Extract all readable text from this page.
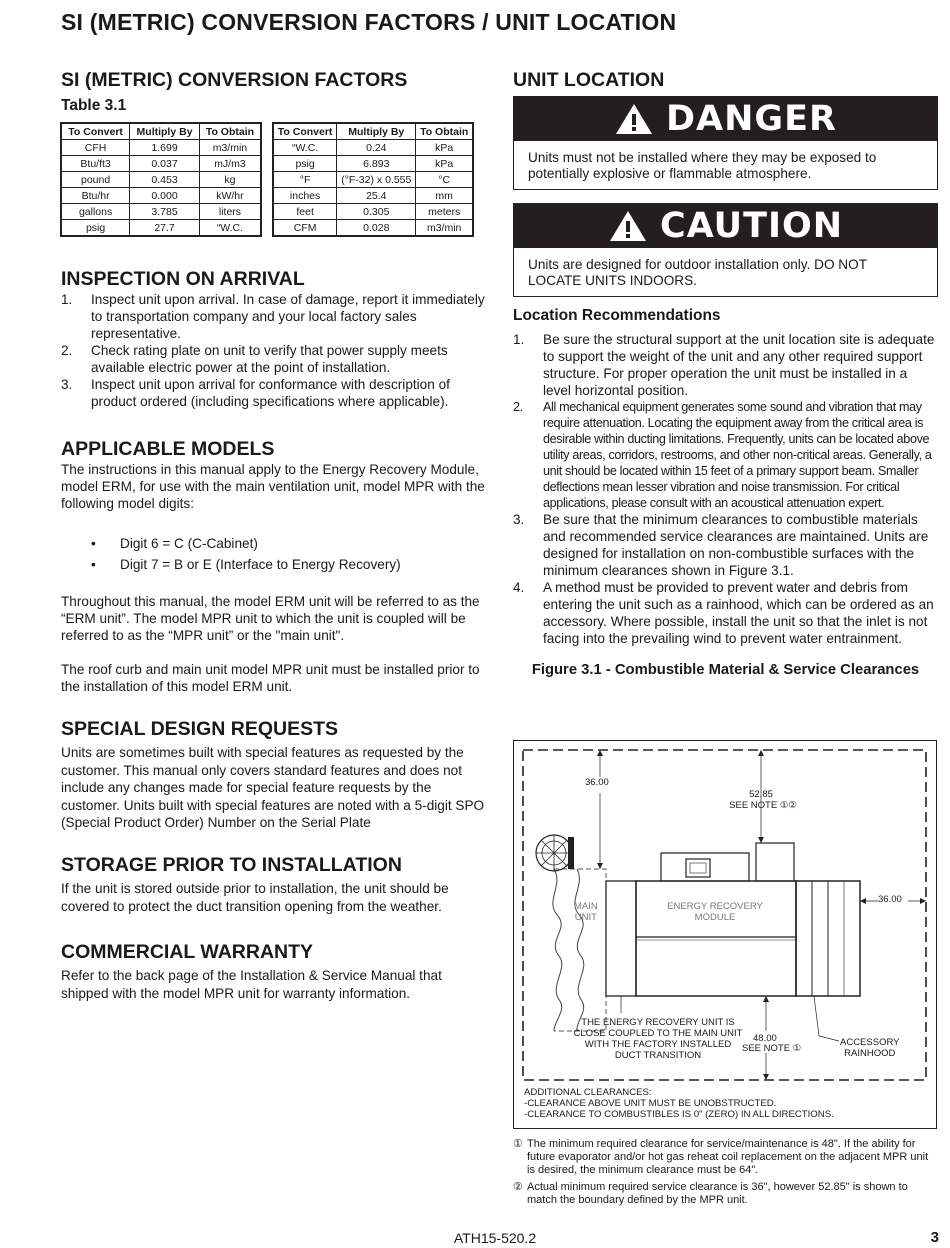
SI (METRIC) CONVERSION FACTORS / UNIT LOCATION
SI (METRIC) CONVERSION FACTORS
Table 3.1
To Convert	Multiply By	To Obtain
CFH	1.699	m3/min
Btu/ft3	0.037	mJ/m3
pound	0.453	kg
Btu/hr	0.000	kW/hr
gallons	3.785	liters
psig	27.7	“W.C.
To Convert	Multiply By	To Obtain
“W.C.	0.24	kPa
psig	6.893	kPa
°F	(°F-32) x 0.555	°C
inches	25.4	mm
feet	0.305	meters
CFM	0.028	m3/min
INSPECTION ON ARRIVAL
1. Inspect unit upon arrival. In case of damage, report it immediately to transportation company and your local factory sales representative.
2. Check rating plate on unit to verify that power supply meets available electric power at the point of installation.
3. Inspect unit upon arrival for conformance with description of product ordered (including specifications where applicable).
APPLICABLE MODELS

The instructions in this manual apply to the Energy Recovery Module, model ERM, for use with the main ventilation unit, model MPR with the following model digits:

• Digit 6 = C (C-Cabinet)
• Digit 7 = B or E (Interface to Energy Recovery)

Throughout this manual, the model ERM unit will be referred to as the “ERM unit”. The model MPR unit to which the unit is coupled will be referred to as the “MPR unit” or the "main unit".

The roof curb and main unit model MPR unit must be installed prior to the installation of this model ERM unit.

SPECIAL DESIGN REQUESTS

Units are sometimes built with special features as requested by the customer. This manual only covers standard features and does not include any changes made for special feature requests by the customer. Units built with special features are noted with a 5-digit SPO (Special Product Order) Number on the Serial Plate

STORAGE PRIOR TO INSTALLATION

If the unit is stored outside prior to installation, the unit should be covered to protect the duct transition opening from the weather.

COMMERCIAL WARRANTY

Refer to the back page of the Installation & Service Manual that shipped with the model MPR unit for warranty information.

UNIT LOCATION
DANGER
Units must not be installed where they may be exposed to potentially explosive or flammable atmosphere.
CAUTION
Units are designed for outdoor installation only. DO NOT LOCATE UNITS INDOORS.
Location Recommendations
1. Be sure the structural support at the unit location site is adequate to support the weight of the unit and any other required support structure. For proper operation the unit must be installed in a level horizontal position.
2. All mechanical equipment generates some sound and vibration that may require attenuation. Locating the equipment away from the critical area is desirable within ducting limitations. Frequently, units can be located above utility areas, corridors, restrooms, and other non-critical areas. Generally, a unit should be located within 15 feet of a primary support beam. Smaller deflections mean lesser vibration and noise transmission. For critical applications, please consult with an acoustical attenuation expert.
3. Be sure that the minimum clearances to combustible materials and recommended service clearances are maintained. Units are designed for installation on non-combustible surfaces with the minimum clearances shown in Figure 3.1.
4. A method must be provided to prevent water and debris from entering the unit such as a rainhood, which can be ordered as an accessory. Where possible, install the unit so that the inlet is not facing into the prevailing wind to prevent water entrainment.
Figure 3.1 - Combustible Material & Service Clearances
36.00
52.85
SEE NOTE ①②
36.00
48.00
SEE NOTE ①
MAIN
UNIT
ENERGY RECOVERY
MODULE
THE ENERGY RECOVERY UNIT IS
CLOSE COUPLED TO THE MAIN UNIT
WITH THE FACTORY INSTALLED
DUCT TRANSITION
ACCESSORY
RAINHOOD
ADDITIONAL CLEARANCES:
-CLEARANCE ABOVE UNIT MUST BE UNOBSTRUCTED.
-CLEARANCE TO COMBUSTIBLES IS 0" (ZERO) IN ALL DIRECTIONS.
① The minimum required clearance for service/maintenance is 48". If the ability for future evaporator and/or hot gas reheat coil replacement on the adjacent MPR unit is desired, the minimum clearance must be 64".
② Actual minimum required service clearance is 36", however 52.85" is shown to match the boundary defined by the MPR unit.
ATH15-520.2	3
